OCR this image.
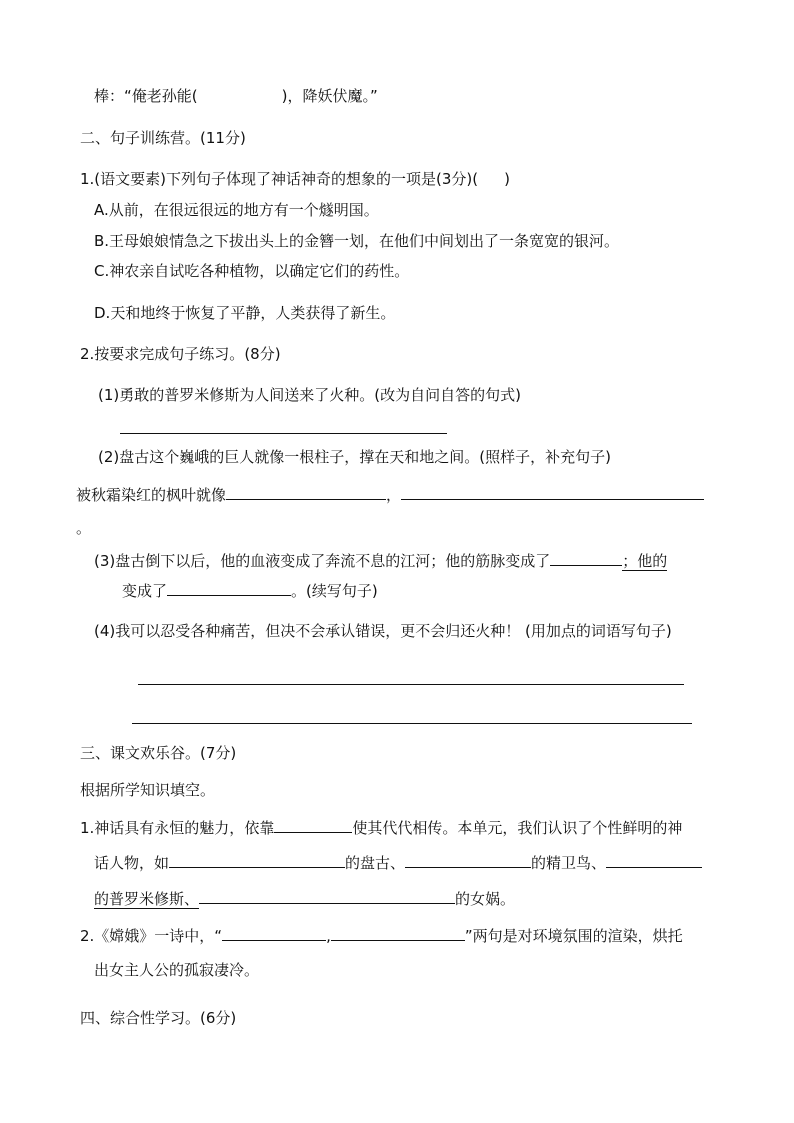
棒：“俺老孙能(	)，降妖伏魔。”
二、句子训练营。(11分)
1.(语文要素)下列句子体现了神话神奇的想象的一项是(3分)( )
A.从前，在很远很远的地方有一个燧明国。
B.王母娘娘情急之下拔出头上的金簪一划，在他们中间划出了一条宽宽的银河。
C.神农亲自试吃各种植物，以确定它们的药性。
D.天和地终于恢复了平静，人类获得了新生。
2.按要求完成句子练习。(8分)
(1)勇敢的普罗米修斯为人间送来了火种。(改为自问自答的句式)
(2)盘古这个巍峨的巨人就像一根柱子，撑在天和地之间。(照样子，补充句子)
被秋霜染红的枫叶就像	，
。
(3)盘古倒下以后，他的血液变成了奔流不息的江河；他的筋脉变成了	；他的
变成了	。(续写句子)
(4)我可以忍受各种痛苦，但决不会承认错误，更不会归还火种！ (用加点的词语写句子)
三、课文欢乐谷。(7分)
根据所学知识填空。
1.神话具有永恒的魅力，依靠	使其代代相传。本单元，我们认识了个性鲜明的神
话人物，如	的盘古、	的精卫鸟、
的普罗米修斯、	的女娲。
2.《嫦娥》一诗中，“	,	”两句是对环境氛围的渲染，烘托
出女主人公的孤寂凄冷。
四、综合性学习。(6分)
